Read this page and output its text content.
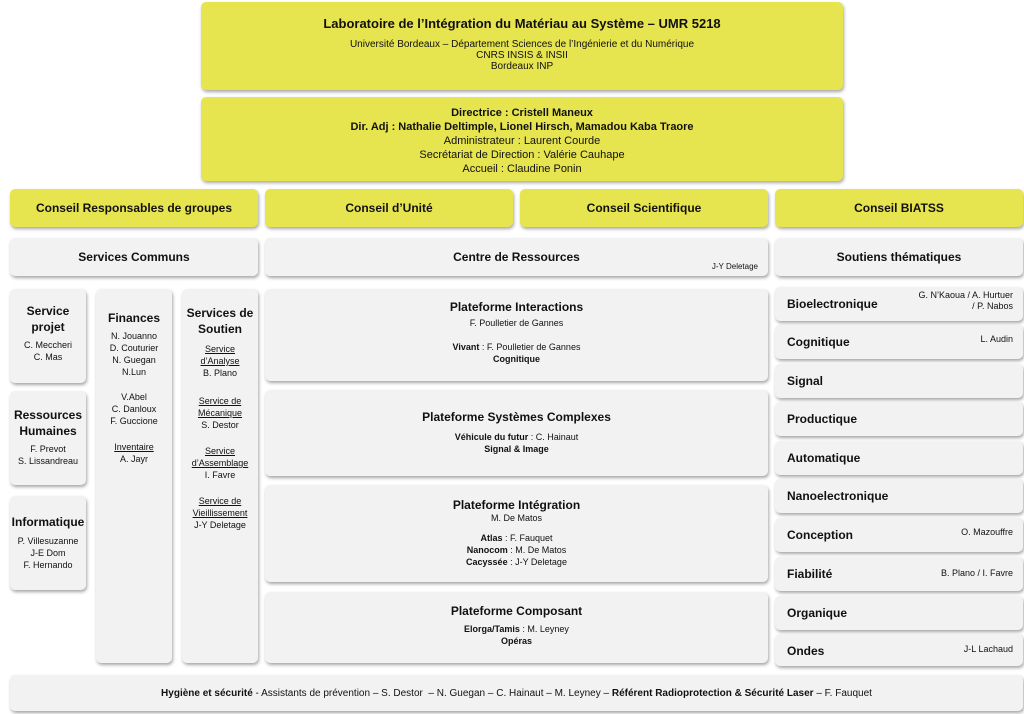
Laboratoire de l’Intégration du Matériau au Système – UMR 5218
Université Bordeaux – Département Sciences de l’Ingénierie et du Numérique
CNRS INSIS & INSII
Bordeaux INP
Directrice : Cristell Maneux
Dir. Adj : Nathalie Deltimple, Lionel Hirsch, Mamadou Kaba Traore
Administrateur : Laurent Courde
Secrétariat de Direction : Valérie Cauhape
Accueil : Claudine Ponin
Conseil Responsables de groupes	Conseil d’Unité	Conseil Scientifique	Conseil BIATSS
Services Communs
Service projet
C. Meccheri
C. Mas
Ressources Humaines
F. Prevot
S. Lissandreau
Informatique
P. Villesuzanne
J-E Dom
F. Hernando
Finances
N. Jouanno
D. Couturier
N. Guegan
N.Lun
V.Abel
C. Danloux
F. Guccione
Inventaire
A. Jayr
Services de Soutien
Service d’Analyse
B. Plano
Service de Mécanique
S. Destor
Service d’Assemblage
I. Favre
Service de Vieillissement
J-Y Deletage
Centre de Ressources
J-Y Deletage
Plateforme Interactions
F. Poulletier de Gannes
Vivant : F. Poulletier de Gannes
Cognitique
Plateforme Systèmes Complexes
Véhicule du futur : C. Hainaut
Signal & Image
Plateforme Intégration
M. De Matos
Atlas : F. Fauquet
Nanocom : M. De Matos
Cacyssée : J-Y Deletage
Plateforme Composant
Elorga/Tamis : M. Leyney
Opéras
Soutiens thématiques
Bioelectronique
G. N’Kaoua / A. Hurtuer
/ P. Nabos
Cognitique	L. Audin
Signal
Productique
Automatique
Nanoelectronique
Conception	O. Mazouffre
Fiabilité	B. Plano / I. Favre
Organique
Ondes	J-L Lachaud
Hygiène et sécurité - Assistants de prévention – S. Destor  – N. Guegan – C. Hainaut – M. Leyney – Référent Radioprotection & Sécurité Laser – F. Fauquet
